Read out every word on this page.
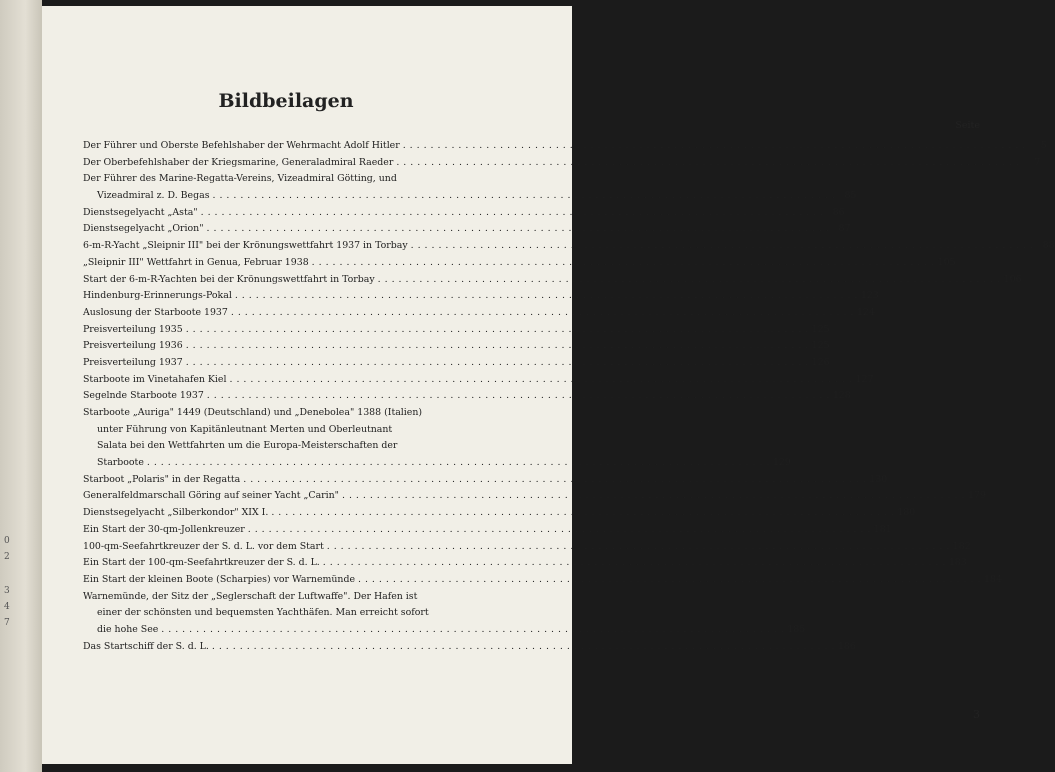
0
2
3
4
7
Bildbeilagen
Seite
Der Führer und Oberste Befehlshaber der Wehrmacht Adolf Hitler . . .	5
Der Oberbefehlshaber der Kriegsmarine, Generaladmiral Raeder . . .	7
Der Führer des Marine-Regatta-Vereins, Vizeadmiral Götting, und
Vizeadmiral z. D. Begas . . .	85
Dienstsegelyacht „Asta" . . .	86
Dienstsegelyacht „Orion" . . .	87
6-m-R-Yacht „Sleipnir III" bei der Krönungswettfahrt 1937 in Torbay . . .	88
„Sleipnir III" Wettfahrt in Genua, Februar 1938 . . .	105
Start der 6-m-R-Yachten bei der Krönungswettfahrt in Torbay . . .	106
Hindenburg-Erinnerungs-Pokal . . .	123
Auslosung der Starboote 1937 . . .	124
Preisverteilung 1935 . . .	125
Preisverteilung 1936 . . .	125
Preisverteilung 1937 . . .	126
Starboote im Vinetahafen Kiel . . .	127
Segelnde Starboote 1937 . . .	128
Starboote „Auriga" 1449 (Deutschland) und „Denebolea" 1388 (Italien)
unter Führung von Kapitänleutnant Merten und Oberleutnant
Salata bei den Wettfahrten um die Europa-Meisterschaften der
Starboote . . .	129
Starboot „Polaris" in der Regatta . . .	130
Generalfeldmarschall Göring auf seiner Yacht „Carin" . . .	179
Dienstsegelyacht „Silberkondor" XIX I. . . .	180
Ein Start der 30-qm-Jollenkreuzer . . .	181
100-qm-Seefahrtkreuzer der S. d. L. vor dem Start . . .	182
Ein Start der 100-qm-Seefahrtkreuzer der S. d. L. . . .	183
Ein Start der kleinen Boote (Scharpies) vor Warnemünde . . .	184
Warnemünde, der Sitz der „Seglerschaft der Luftwaffe". Der Hafen ist
einer der schönsten und bequemsten Yachthäfen. Man erreicht sofort
die hohe See . . .	185
Das Startschiff der S. d. L. . . .	186
3
